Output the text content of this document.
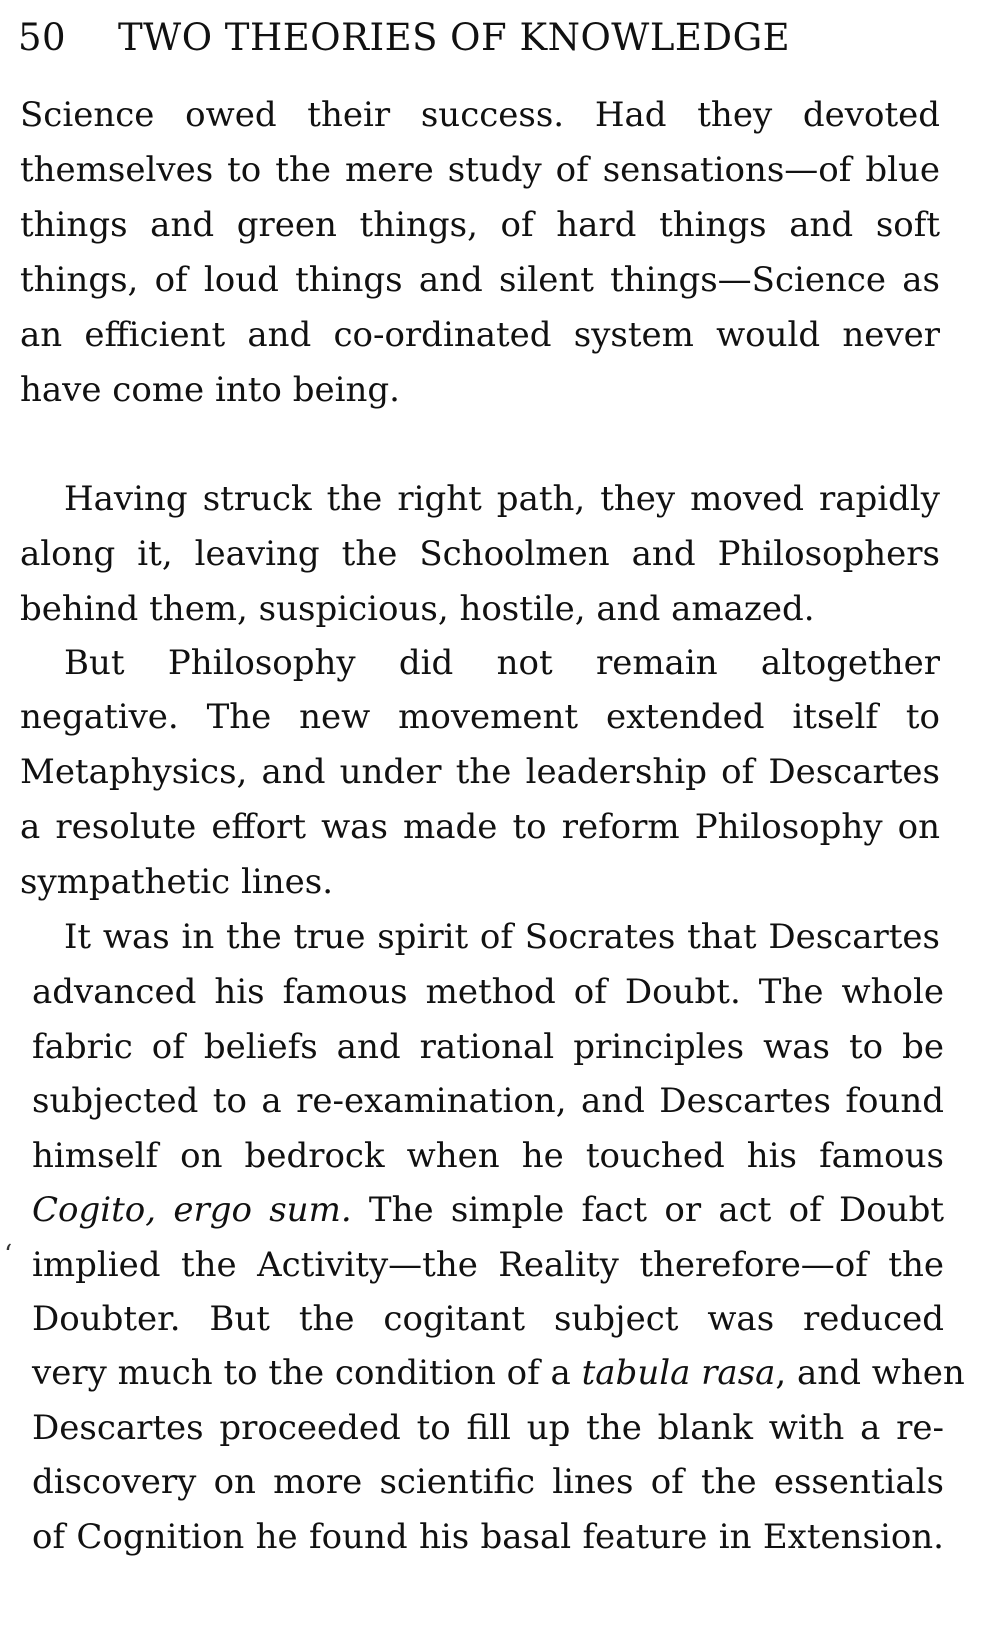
50 TWO THEORIES OF KNOWLEDGE
Science owed their success. Had they devoted
themselves to the mere study of sensations—of blue
things and green things, of hard things and soft
things, of loud things and silent things—Science as
an efficient and co-ordinated system would never
have come into being.
Having struck the right path, they moved rapidly
along it, leaving the Schoolmen and Philosophers
behind them, suspicious, hostile, and amazed.
But Philosophy did not remain altogether
negative. The new movement extended itself to
Metaphysics, and under the leadership of Descartes
a resolute effort was made to reform Philosophy on
sympathetic lines.
It was in the true spirit of Socrates that Descartes
advanced his famous method of Doubt. The whole
fabric of beliefs and rational principles was to be
subjected to a re-examination, and Descartes found
himself on bedrock when he touched his famous
Cogito, ergo sum. The simple fact or act of Doubt
‘ implied the Activity—the Reality therefore—of the
Doubter. But the cogitant subject was reduced
very much to the condition of a tabula rasa, and when
Descartes proceeded to fill up the blank with a re-
discovery on more scientific lines of the essentials
of Cognition he found his basal feature in Extension.
